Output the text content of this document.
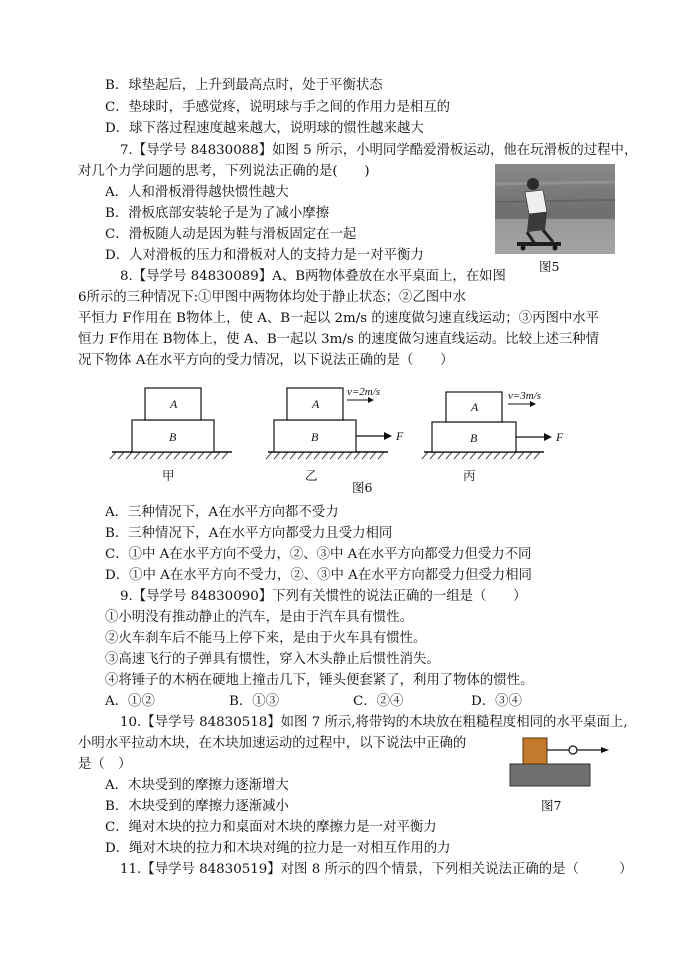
B．球垫起后，上升到最高点时，处于平衡状态
C．垫球时，手感觉疼，说明球与手之间的作用力是相互的
D．球下落过程速度越来越大，说明球的惯性越来越大
7.【导学号 84830088】如图 5 所示，小明同学酷爱滑板运动，他在玩滑板的过程中，
对几个力学问题的思考，下列说法正确的是(　　)
A．人和滑板滑得越快惯性越大
B．滑板底部安装轮子是为了减小摩擦
C．滑板随人动是因为鞋与滑板固定在一起
D．人对滑板的压力和滑板对人的支持力是一对平衡力
图5
8.【导学号 84830089】A、B两物体叠放在水平桌面上，在如图
6所示的三种情况下:①甲图中两物体均处于静止状态；②乙图中水
平恒力 F作用在 B物体上，使 A、B一起以 2m/s 的速度做匀速直线运动；③丙图中水平
恒力 F作用在 B物体上，使 A、B一起以 3m/s 的速度做匀速直线运动。比较上述三种情
况下物体 A在水平方向的受力情况，以下说法正确的是（　　）
A
B
A
B	F
v=2m/s
A
B	F
v=3m/s
甲	乙	丙
图6
A．三种情况下，A在水平方向都不受力
B．三种情况下，A在水平方向都受力且受力相同
C．①中 A在水平方向不受力，②、③中 A在水平方向都受力但受力不同
D．①中 A在水平方向不受力，②、③中 A在水平方向都受力但受力相同
9.【导学号 84830090】下列有关惯性的说法正确的一组是（　　）
①小明没有推动静止的汽车，是由于汽车具有惯性。
②火车刹车后不能马上停下来，是由于火车具有惯性。
③高速飞行的子弹具有惯性，穿入木头静止后惯性消失。
④将锤子的木柄在硬地上撞击几下，锤头便套紧了，利用了物体的惯性。
A．①②	B．①③	C．②④	D．③④
10.【导学号 84830518】如图 7 所示,将带钩的木块放在粗糙程度相同的水平桌面上,
小明水平拉动木块，在木块加速运动的过程中，以下说法中正确的
是（　）
A．木块受到的摩擦力逐渐增大
B．木块受到的摩擦力逐渐减小
C．绳对木块的拉力和桌面对木块的摩擦力是一对平衡力
D．绳对木块的拉力和木块对绳的拉力是一对相互作用的力
图7
11.【导学号 84830519】对图 8 所示的四个情景，下列相关说法正确的是（　　　）
